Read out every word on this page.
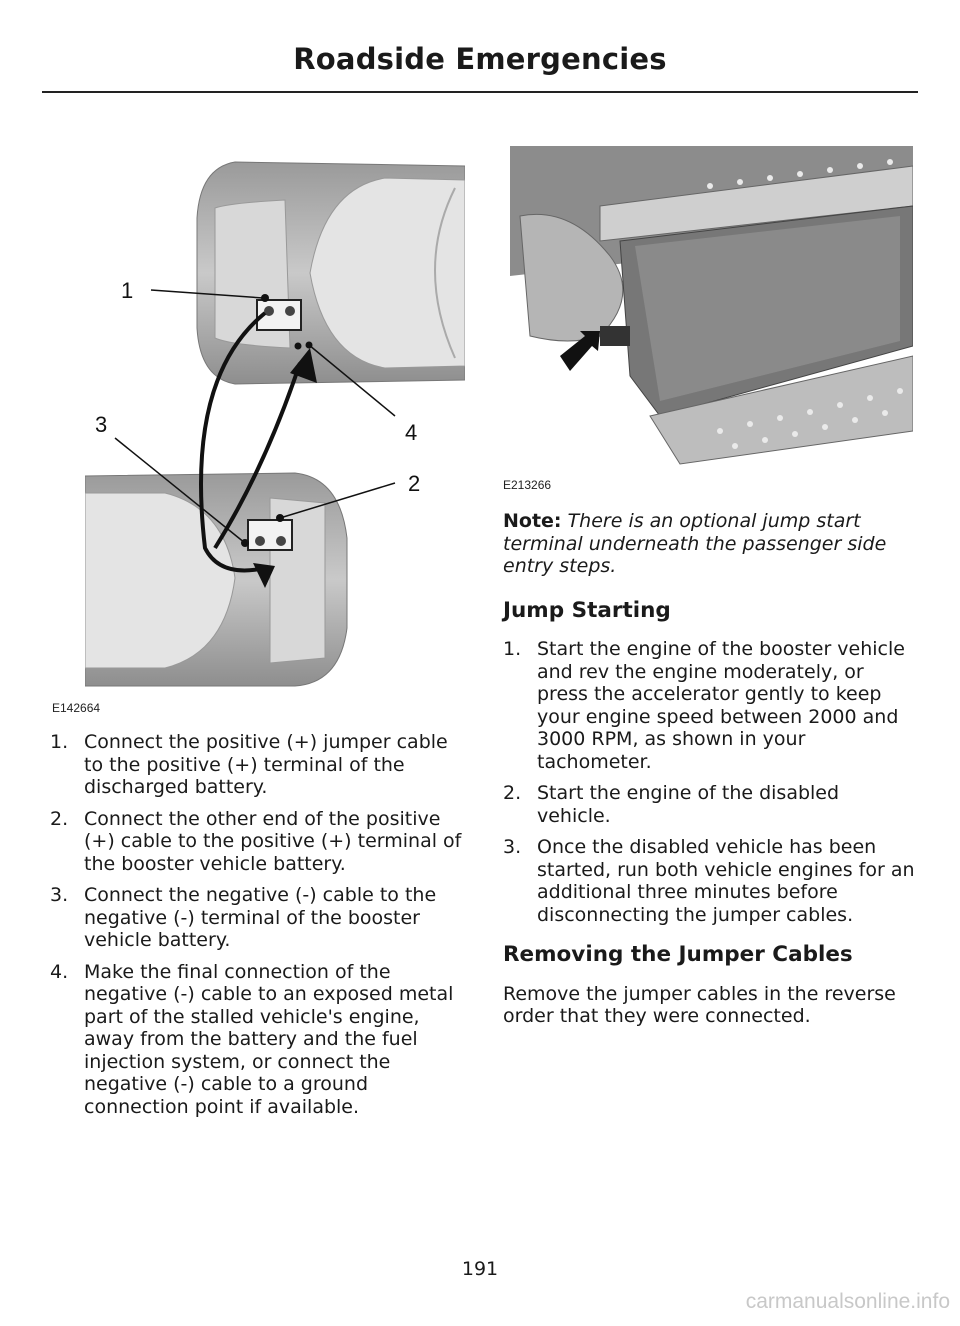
Roadside Emergencies
1
2
3	4
E142664
E213266
1. Connect the positive (+) jumper cable to the positive (+) terminal of the discharged battery.
2. Connect the other end of the positive (+) cable to the positive (+) terminal of the booster vehicle battery.
3. Connect the negative (-) cable to the negative (-) terminal of the booster vehicle battery.
4. Make the final connection of the negative (-) cable to an exposed metal part of the stalled vehicle's engine, away from the battery and the fuel injection system, or connect the negative (-) cable to a ground connection point if available.
Note: There is an optional jump start terminal underneath the passenger side entry steps.
Jump Starting
1. Start the engine of the booster vehicle and rev the engine moderately, or press the accelerator gently to keep your engine speed between 2000 and 3000 RPM, as shown in your tachometer.
2. Start the engine of the disabled vehicle.
3. Once the disabled vehicle has been started, run both vehicle engines for an additional three minutes before disconnecting the jumper cables.
Removing the Jumper Cables
Remove the jumper cables in the reverse order that they were connected.
191
carmanualsonline.info
